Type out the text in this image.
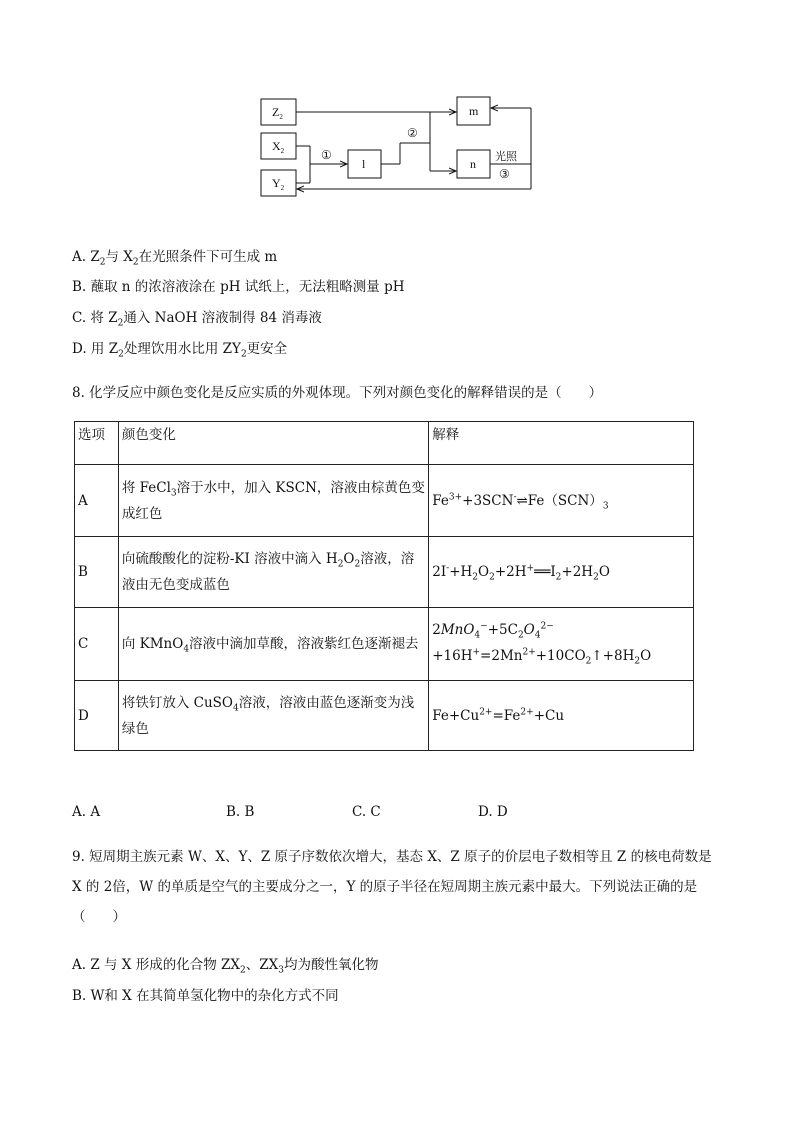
$Z_2$
$X_2$
$Y_2$
l
m
n
①
②
光照
③
A. $Z_2$与 $X_2$在光照条件下可生成 m
B. 蘸取 n 的浓溶液涂在 pH 试纸上，无法粗略测量 pH
C. 将 $Z_2$通入 NaOH 溶液制得 84 消毒液
D. 用 $Z_2$处理饮用水比用 $ZY_2$更安全
8. 化学反应中颜色变化是反应实质的外观体现。下列对颜色变化的解释错误的是（　　）
选项	颜色变化	解释
A	将 FeCl$_3$溶于水中，加入 KSCN，溶液由棕黄色变成红色	$Fe^{3+}+3SCN^-\rightleftharpoons Fe(SCN)_3$
B	向硫酸酸化的淀粉-KI 溶液中滴入 $H_2O_2$溶液，溶液由无色变成蓝色	$2I^-+H_2O_2+2H^+══I_2+2H_2O$
C	向 KMnO$_4$溶液中滴加草酸，溶液紫红色逐渐褪去	$2MnO_4^-+5C_2O_4^{2-}$
$+16H^+=2Mn^{2+}+10CO_2↑+8H_2O$

D	将铁钉放入 CuSO$_4$溶液，溶液由蓝色逐渐变为浅绿色	$Fe+Cu^{2+}=Fe^{2+}+Cu$
A. A	B. B	C. C	D. D
9. 短周期主族元素 W、X、Y、Z 原子序数依次增大，基态 X、Z 原子的价层电子数相等且 Z 的核电荷数是 X 的 2倍，W 的单质是空气的主要成分之一，Y 的原子半径在短周期主族元素中最大。下列说法正确的是（　　）
A. Z 与 X 形成的化合物 $ZX_2$、$ZX_3$均为酸性氧化物
B. W和 X 在其简单氢化物中的杂化方式不同
